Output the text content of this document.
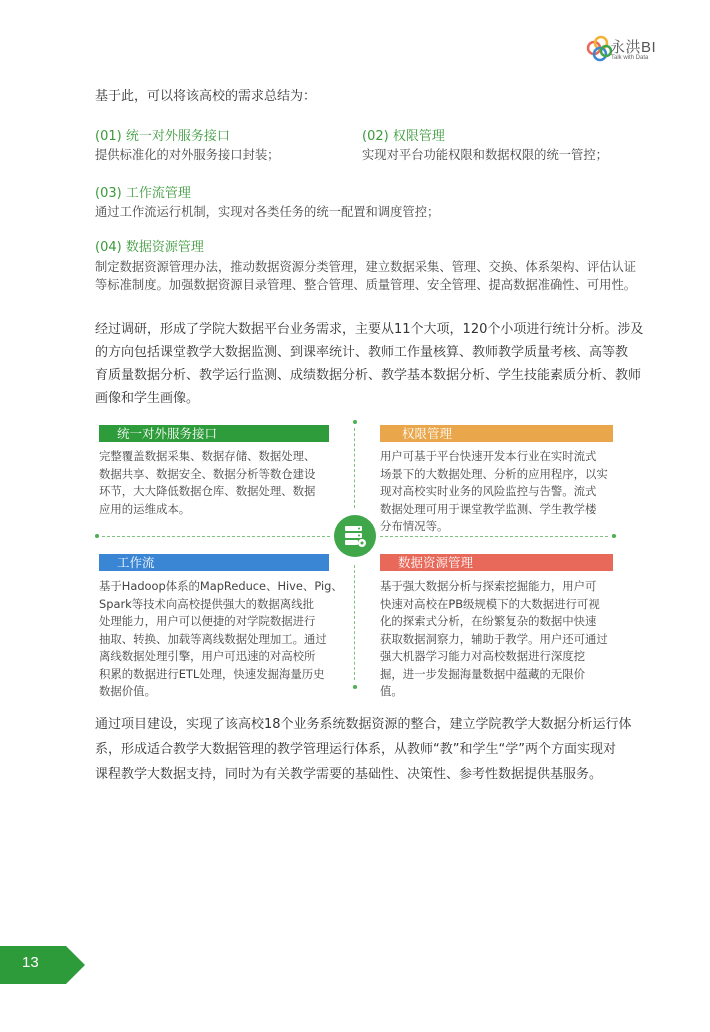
永洪BI
Talk with Data
基于此，可以将该高校的需求总结为：
(01) 统一对外服务接口
提供标准化的对外服务接口封装；
(02) 权限管理
实现对平台功能权限和数据权限的统一管控；
(03) 工作流管理
通过工作流运行机制，实现对各类任务的统一配置和调度管控；
(04) 数据资源管理
制定数据资源管理办法，推动数据资源分类管理，建立数据采集、管理、交换、体系架构、评估认证
等标准制度。加强数据资源目录管理、整合管理、质量管理、安全管理、提高数据准确性、可用性。
经过调研，形成了学院大数据平台业务需求，主要从11个大项，120个小项进行统计分析。涉及
的方向包括课堂教学大数据监测、到课率统计、教师工作量核算、教师教学质量考核、高等教
育质量数据分析、教学运行监测、成绩数据分析、教学基本数据分析、学生技能素质分析、教师
画像和学生画像。
统一对外服务接口
完整覆盖数据采集、数据存储、数据处理、
数据共享、数据安全、数据分析等数仓建设
环节，大大降低数据仓库、数据处理、数据
应用的运维成本。
权限管理
用户可基于平台快速开发本行业在实时流式
场景下的大数据处理、分析的应用程序，以实
现对高校实时业务的风险监控与告警。流式
数据处理可用于课堂教学监测、学生教学楼
分布情况等。
工作流
基于Hadoop体系的MapReduce、Hive、Pig、
Spark等技术向高校提供强大的数据离线批
处理能力，用户可以便捷的对学院数据进行
抽取、转换、加载等离线数据处理加工。通过
离线数据处理引擎，用户可迅速的对高校所
积累的数据进行ETL处理，快速发掘海量历史
数据价值。
数据资源管理
基于强大数据分析与探索挖掘能力，用户可
快速对高校在PB级规模下的大数据进行可视
化的探索式分析，在纷繁复杂的数据中快速
获取数据洞察力，辅助于教学。用户还可通过
强大机器学习能力对高校数据进行深度挖
掘，进一步发掘海量数据中蕴藏的无限价
值。
通过项目建设，实现了该高校18个业务系统数据资源的整合，建立学院教学大数据分析运行体
系，形成适合教学大数据管理的教学管理运行体系，从教师“教”和学生“学”两个方面实现对
课程教学大数据支持，同时为有关教学需要的基础性、决策性、参考性数据提供基服务。
13
